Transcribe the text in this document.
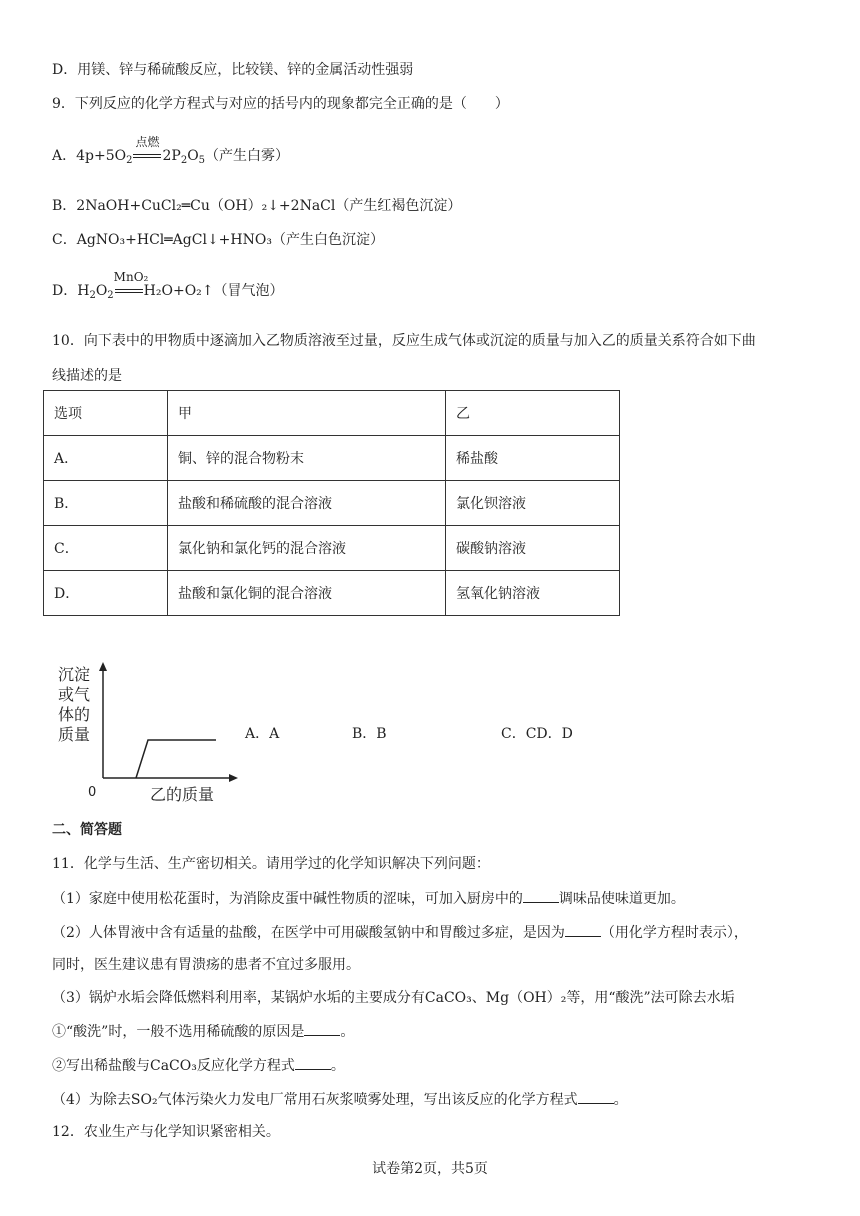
D．用镁、锌与稀硫酸反应，比较镁、锌的金属活动性强弱
9．下列反应的化学方程式与对应的括号内的现象都完全正确的是（　　）
A．$4p+5O_2$
点燃
$2P_2O_5$（产生白雾）
B．2NaOH+CuCl₂═Cu（OH）₂↓+2NaCl（产生红褐色沉淀）
C．AgNO₃+HCl═AgCl↓+HNO₃（产生白色沉淀）
D．$H_2O_2$
MnO₂
H₂O+O₂↑（冒气泡）
10．向下表中的甲物质中逐滴加入乙物质溶液至过量，反应生成气体或沉淀的质量与加入乙的质量关系符合如下曲
线描述的是
选项	甲	乙
A．	铜、锌的混合物粉末	稀盐酸
B．	盐酸和稀硫酸的混合溶液	氯化钡溶液
C．	氯化钠和氯化钙的混合溶液	碳酸钠溶液
D．	盐酸和氯化铜的混合溶液	氢氧化钠溶液
沉淀
或气
体的
质量
0	乙的质量
A．A	B．B	C．CD．D
二、简答题
11．化学与生活、生产密切相关。请用学过的化学知识解决下列问题：
（1）家庭中使用松花蛋时，为消除皮蛋中碱性物质的涩味，可加入厨房中的	调味品使味道更加。
（2）人体胃液中含有适量的盐酸，在医学中可用碳酸氢钠中和胃酸过多症，是因为	（用化学方程时表示），
同时，医生建议患有胃溃疡的患者不宜过多服用。
（3）锅炉水垢会降低燃料利用率，某锅炉水垢的主要成分有CaCO₃、Mg（OH）₂等，用“酸洗”法可除去水垢
①“酸洗”时，一般不选用稀硫酸的原因是	。
②写出稀盐酸与CaCO₃反应化学方程式	。
（4）为除去SO₂气体污染火力发电厂常用石灰浆喷雾处理，写出该反应的化学方程式	。
12．农业生产与化学知识紧密相关。
试卷第2页，共5页
